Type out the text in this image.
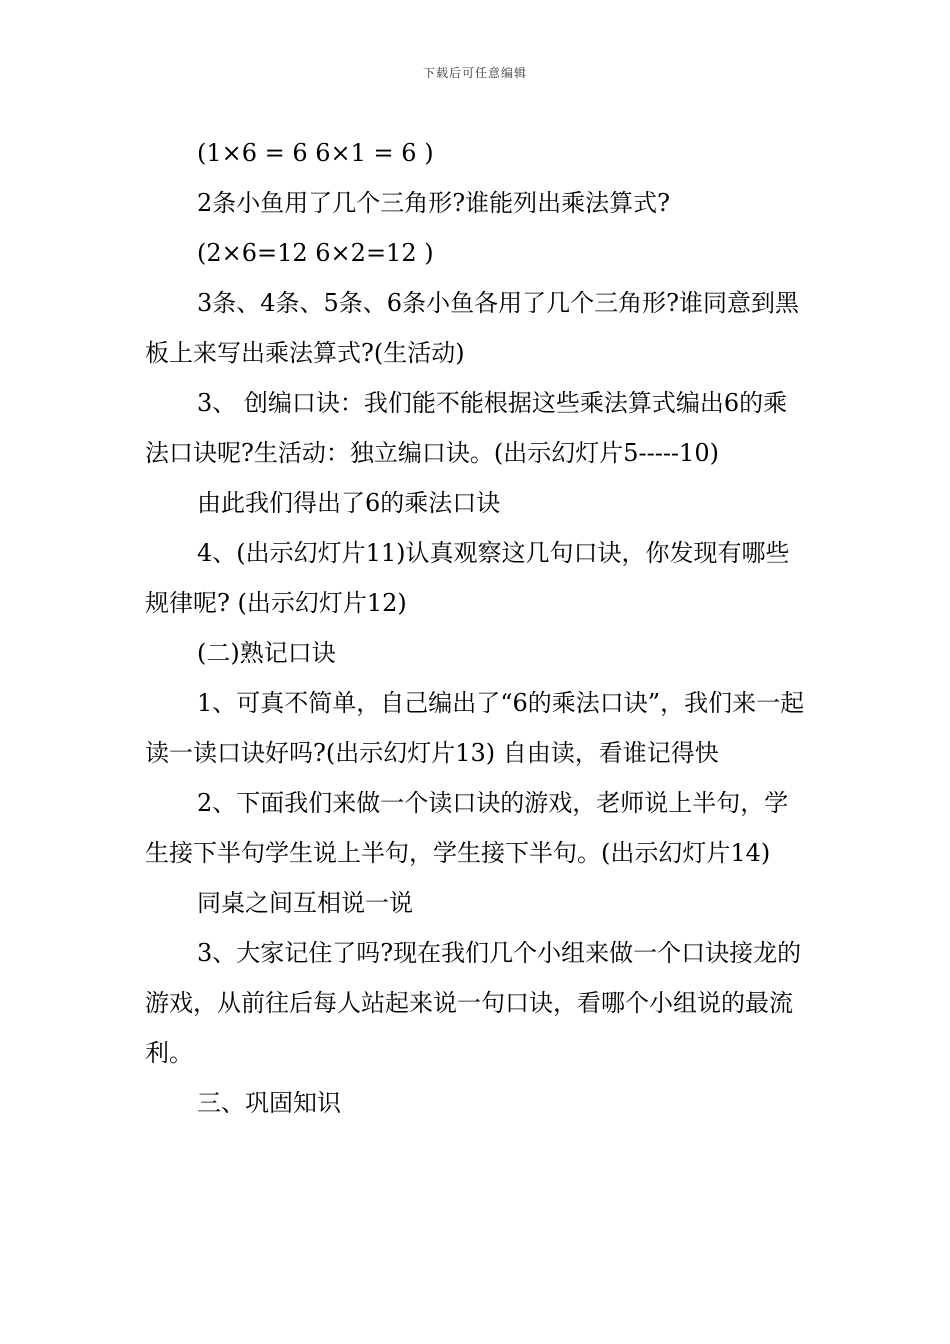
下载后可任意编辑

(1×6 = 6 6×1 = 6 )

2条小鱼用了几个三角形?谁能列出乘法算式?

(2×6=12 6×2=12 )

3条、4条、5条、6条小鱼各用了几个三角形?谁同意到黑板上来写出乘法算式?(生活动)

3、 创编口诀：我们能不能根据这些乘法算式编出6的乘法口诀呢?生活动：独立编口诀。(出示幻灯片5-----10)

由此我们得出了6的乘法口诀

4、(出示幻灯片11)认真观察这几句口诀，你发现有哪些规律呢? (出示幻灯片12)

(二)熟记口诀

1、可真不简单，自己编出了“6的乘法口诀”，我们来一起读一读口诀好吗?(出示幻灯片13) 自由读，看谁记得快

2、下面我们来做一个读口诀的游戏，老师说上半句，学生接下半句学生说上半句，学生接下半句。(出示幻灯片14)

同桌之间互相说一说

3、大家记住了吗?现在我们几个小组来做一个口诀接龙的游戏，从前往后每人站起来说一句口诀，看哪个小组说的最流利。

三、巩固知识
